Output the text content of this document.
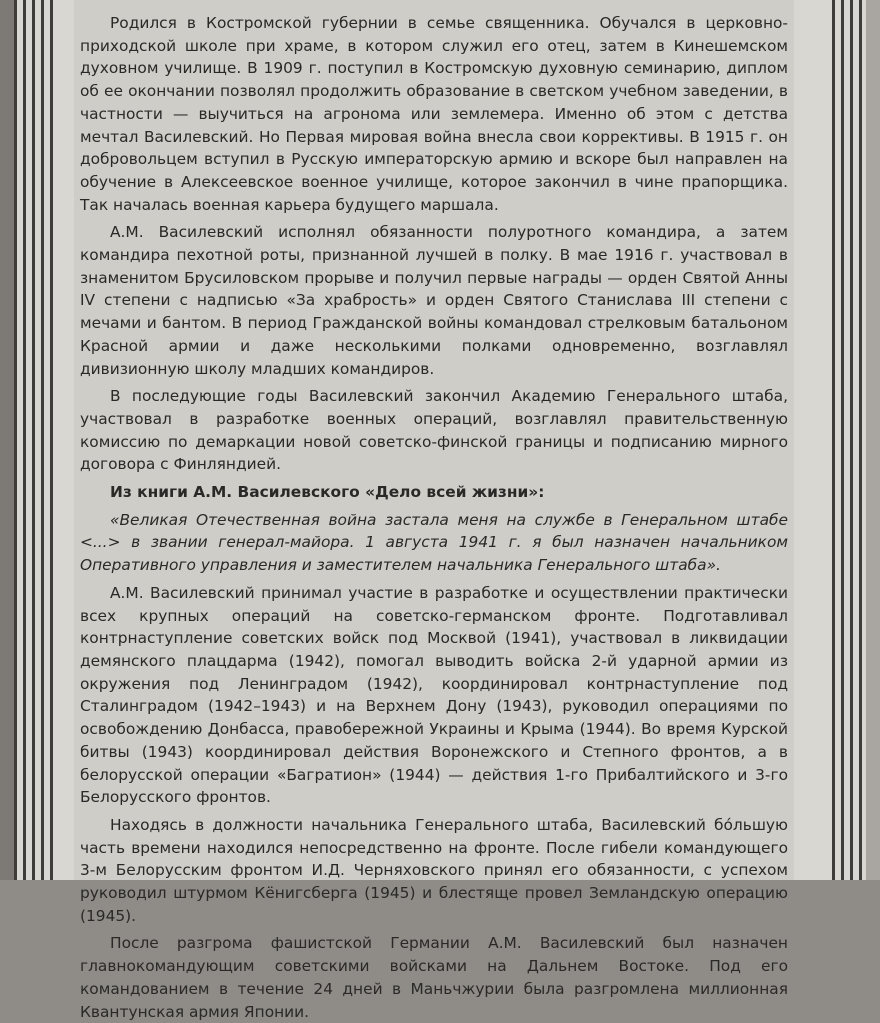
Родился в Костромской губернии в семье священника. Обучался в церковно-приходской школе при храме, в котором служил его отец, затем в Кинешемском духовном училище. В 1909 г. поступил в Костромскую духовную семинарию, диплом об ее окончании позволял продолжить образование в светском учебном заведении, в частности — выучиться на агронома или землемера. Именно об этом с детства мечтал Василевский. Но Первая мировая война внесла свои коррективы. В 1915 г. он добровольцем вступил в Русскую императорскую армию и вскоре был направлен на обучение в Алексеевское военное училище, которое закончил в чине прапорщика. Так началась военная карьера будущего маршала.

А.М. Василевский исполнял обязанности полуротного командира, а затем командира пехотной роты, признанной лучшей в полку. В мае 1916 г. участвовал в знаменитом Брусиловском прорыве и получил первые награды — орден Святой Анны IV степени с надписью «За храбрость» и орден Святого Станислава III степени с мечами и бантом. В период Гражданской войны командовал стрелковым батальоном Красной армии и даже несколькими полками одновременно, возглавлял дивизионную школу младших командиров.

В последующие годы Василевский закончил Академию Генерального штаба, участвовал в разработке военных операций, возглавлял правительственную комиссию по демаркации новой советско-финской границы и подписанию мирного договора с Финляндией.

Из книги А.М. Василевского «Дело всей жизни»:

«Великая Отечественная война застала меня на службе в Генеральном штабе <...> в звании генерал-майора. 1 августа 1941 г. я был назначен начальником Оперативного управления и заместителем начальника Генерального штаба».

А.М. Василевский принимал участие в разработке и осуществлении практически всех крупных операций на советско-германском фронте. Подготавливал контрнаступление советских войск под Москвой (1941), участвовал в ликвидации демянского плацдарма (1942), помогал выводить войска 2-й ударной армии из окружения под Ленинградом (1942), координировал контрнаступление под Сталинградом (1942–1943) и на Верхнем Дону (1943), руководил операциями по освобождению Донбасса, правобережной Украины и Крыма (1944). Во время Курской битвы (1943) координировал действия Воронежского и Степного фронтов, а в белорусской операции «Багратион» (1944) — действия 1-го Прибалтийского и 3-го Белорусского фронтов.

Находясь в должности начальника Генерального штаба, Василевский бóльшую часть времени находился непосредственно на фронте. После гибели командующего 3-м Белорусским фронтом И.Д. Черняховского принял его обязанности, с успехом руководил штурмом Кёнигсберга (1945) и блестяще провел Земландскую операцию (1945).

После разгрома фашистской Германии А.М. Василевский был назначен главнокомандующим советскими войсками на Дальнем Востоке. Под его командованием в течение 24 дней в Маньчжурии была разгромлена миллионная Квантунская армия Японии.
